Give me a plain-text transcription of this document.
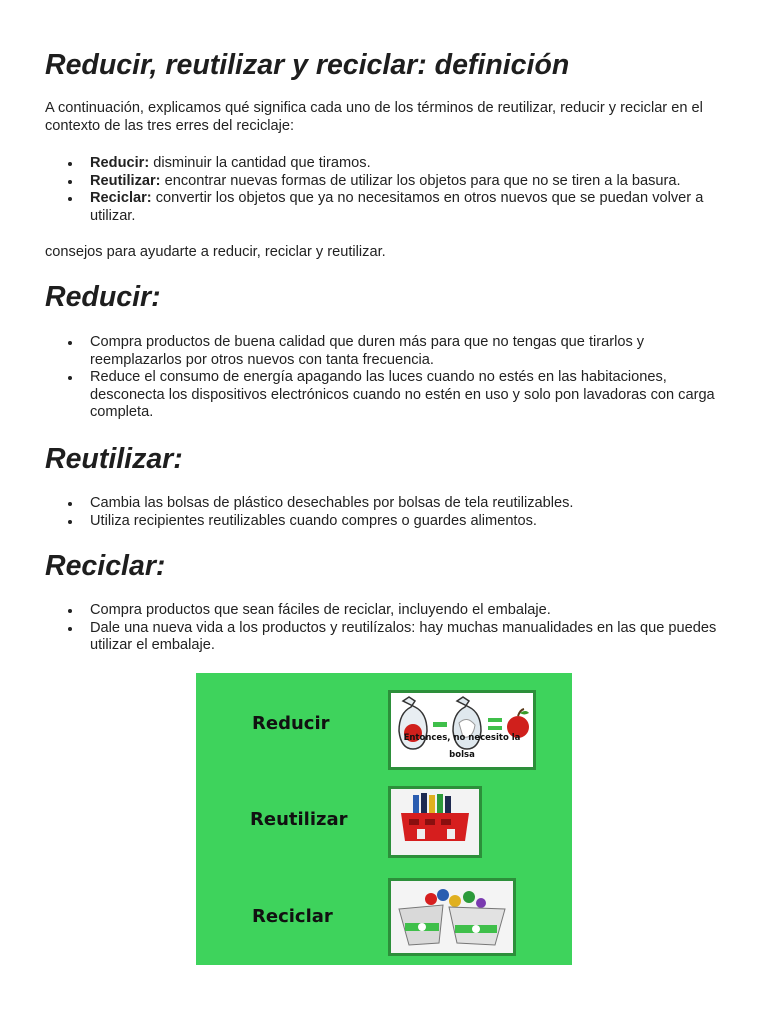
Reducir, reutilizar y reciclar: definición

A continuación, explicamos qué significa cada uno de los términos de reutilizar, reducir y reciclar en el contexto de las tres erres del reciclaje:

Reducir: disminuir la cantidad que tiramos.
Reutilizar: encontrar nuevas formas de utilizar los objetos para que no se tiren a la basura.
Reciclar: convertir los objetos que ya no necesitamos en otros nuevos que se puedan volver a utilizar.

consejos para ayudarte a reducir, reciclar y reutilizar.

Reducir:
Compra productos de buena calidad que duren más para que no tengas que tirarlos y reemplazarlos por otros nuevos con tanta frecuencia.
Reduce el consumo de energía apagando las luces cuando no estés en las habitaciones, desconecta los dispositivos electrónicos cuando no estén en uso y solo pon lavadoras con carga completa.
Reutilizar:
Cambia las bolsas de plástico desechables por bolsas de tela reutilizables.
Utiliza recipientes reutilizables cuando compres o guardes alimentos.
Reciclar:
Compra productos que sean fáciles de reciclar, incluyendo el embalaje.
Dale una nueva vida a los productos y reutilízalos: hay muchas manualidades en las que puedes utilizar el embalaje.
Reducir
Reutilizar
Reciclar
Entonces, no necesito la bolsa
